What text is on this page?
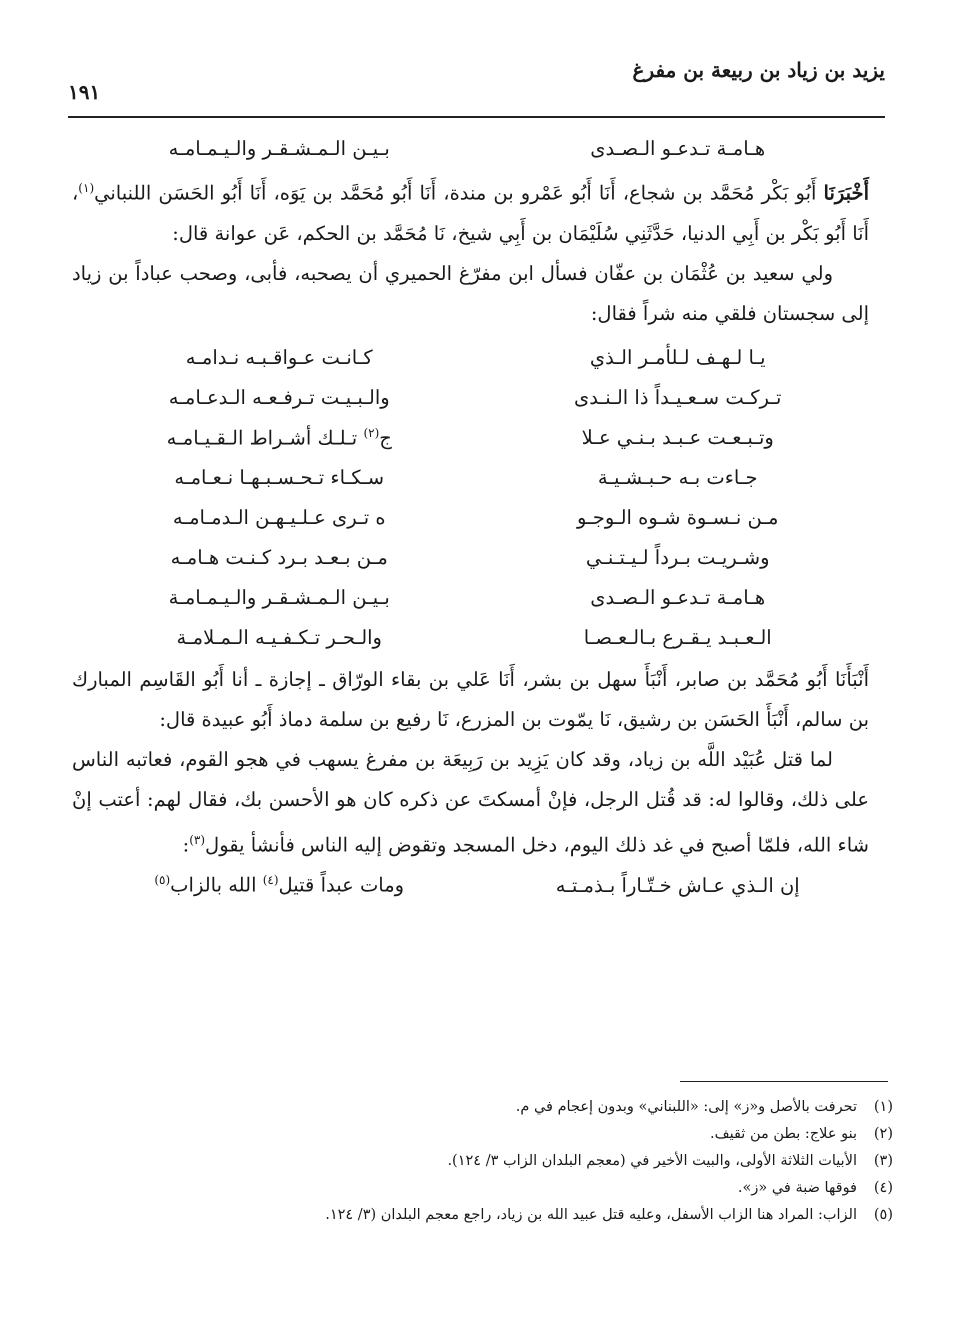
يزيد بن زياد بن ربيعة بن مفرغ
١٩١
هـامـة تـدعـو الـصـدى
بـيـن الـمـشـقـر والـيـمـامـه

أَخْبَرَنَا أَبُو بَكْر مُحَمَّد بن شجاع، أَنَا أَبُو عَمْرو بن مندة، أَنَا أَبُو مُحَمَّد بن يَوَه، أَنَا أَبُو الحَسَن اللنباني$^{(١)}$، أَنَا أَبُو بَكْر بن أَبِي الدنيا، حَدَّثَنِي سُلَيْمَان بن أَبِي شيخ، نَا مُحَمَّد بن الحكم، عَن عوانة قال:

ولي سعيد بن عُثْمَان بن عفّان فسأل ابن مفرّغ الحميري أن يصحبه، فأبى، وصحب عباداً بن زياد إلى سجستان فلقي منه شراً فقال:

يـا لـهـف لـلأمـر الـذي
كـانـت عـواقـبـه نـدامـه
تـركـت سـعـيـداً ذا الـنـدى
والـبـيـت تـرفـعـه الـدعـامـه
وتـبـعـت عـبـد بـنـي عـلا
ج$^{(٢)}$ تـلـك أشـراط الـقـيـامـه
جـاءت بـه حـبـشـيـة
سـكـاء تـحـسـبـهـا نـعـامـه
مـن نـسـوة شـوه الـوجـو
ه تـرى عـلـيـهـن الـدمـامـه
وشـريـت بـرداً لـيـتـنـي
مـن بـعـد بـرد كـنـت هـامـه
هـامـة تـدعـو الـصـدى
بـيـن الـمـشـقـر والـيـمـامـة
الـعـبـد يـقـرع بـالـعـصـا
والـحـر تـكـفـيـه الـمـلامـة

أَنْبَأَنَا أَبُو مُحَمَّد بن صابر، أَنْبَأَ سهل بن بشر، أَنَا عَلي بن بقاء الورّاق ـ إجازة ـ أنا أَبُو القَاسِم المبارك بن سالم، أَنْبَأَ الحَسَن بن رشيق، نَا يمّوت بن المزرع، نَا رفيع بن سلمة دماذ أَبُو عبيدة قال:

لما قتل عُبَيْد اللَّه بن زياد، وقد كان يَزِيد بن رَبِيعَة بن مفرغ يسهب في هجو القوم، فعاتبه الناس على ذلك، وقالوا له: قد قُتل الرجل، فإنْ أمسكتَ عن ذكره كان هو الأحسن بك، فقال لهم: أعتب إنْ شاء الله، فلمّا أصبح في غد ذلك اليوم، دخل المسجد وتقوض إليه الناس فأنشأ يقول$^{(٣)}$:

إن الـذي عـاش خـتّـاراً بـذمـتـه
ومات عبداً قتيل$^{(٤)}$ الله بالزاب$^{(٥)}$
(١)تحرفت بالأصل و«ز» إلى: «اللبناني» وبدون إعجام في م.
(٢)بنو علاج: بطن من ثقيف.
(٣)الأبيات الثلاثة الأولى، والبيت الأخير في (معجم البلدان الزاب ٣/ ١٢٤).
(٤)فوقها ضبة في «ز».
(٥)الزاب: المراد هنا الزاب الأسفل، وعليه قتل عبيد الله بن زياد، راجع معجم البلدان (٣/ ١٢٤.
